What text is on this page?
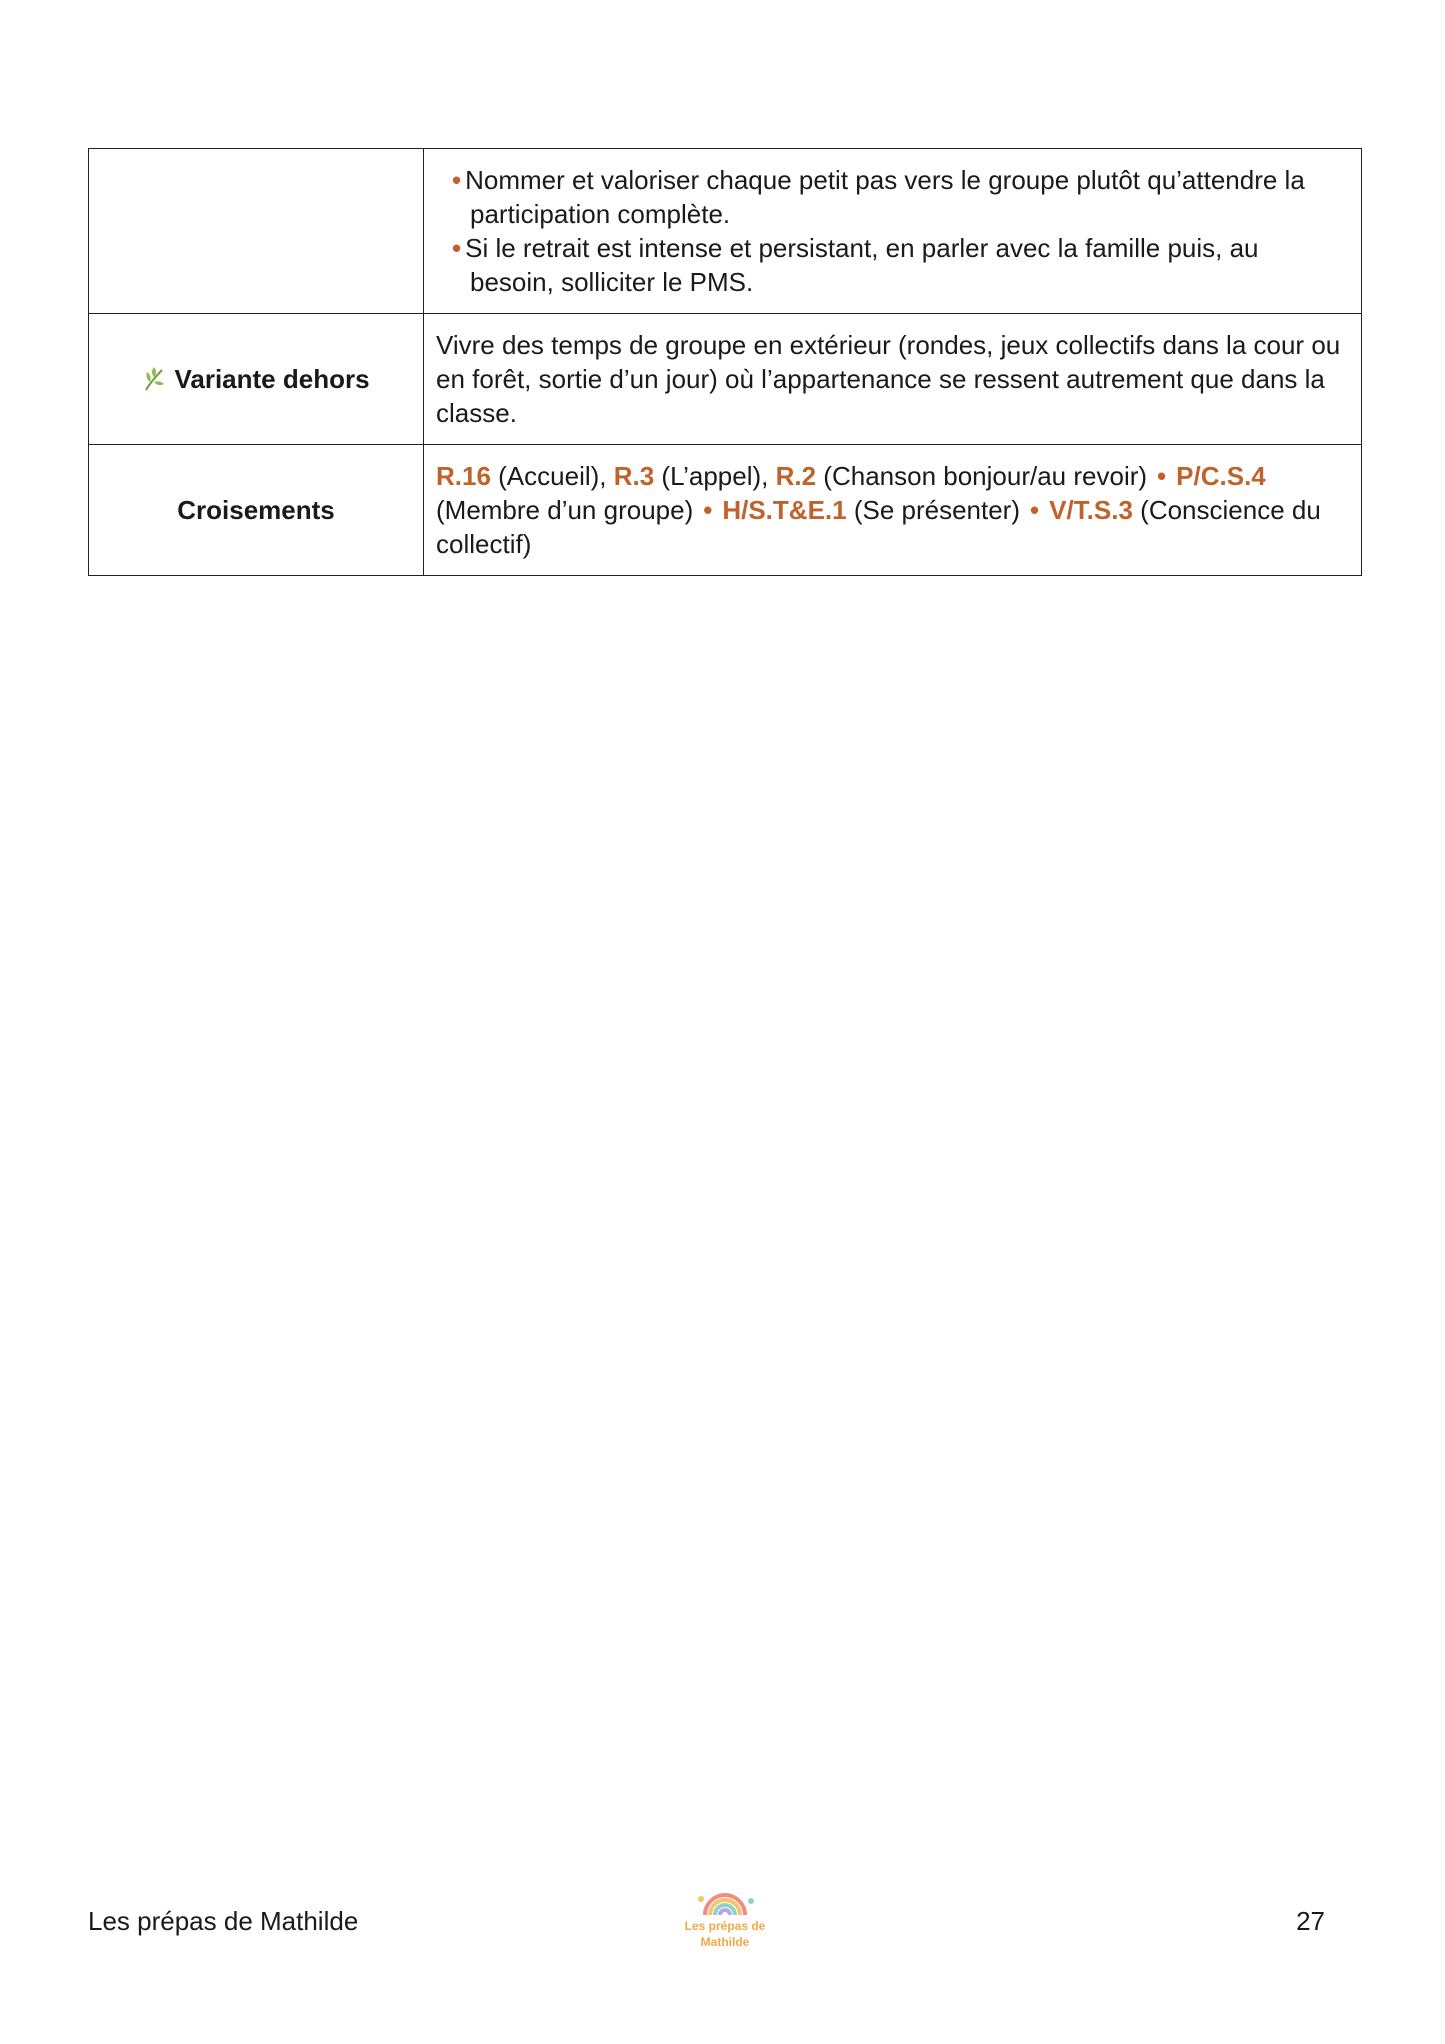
	• Nommer et valoriser chaque petit pas vers le groupe plutôt qu’attendre la participation complète.
• Si le retrait est intense et persistant, en parler avec la famille puis, au besoin, solliciter le PMS.

Variante dehors	Vivre des temps de groupe en extérieur (rondes, jeux collectifs dans la cour ou en forêt, sortie d’un jour) où l’appartenance se ressent autrement que dans la classe.
Croisements	R.16 (Accueil), R.3 (L’appel), R.2 (Chanson bonjour/au revoir) • P/C.S.4 (Membre d’un groupe) • H/S.T&E.1 (Se présenter) • V/T.S.3 (Conscience du collectif)
Les prépas de Mathilde	Les prépas de
Mathilde
27
